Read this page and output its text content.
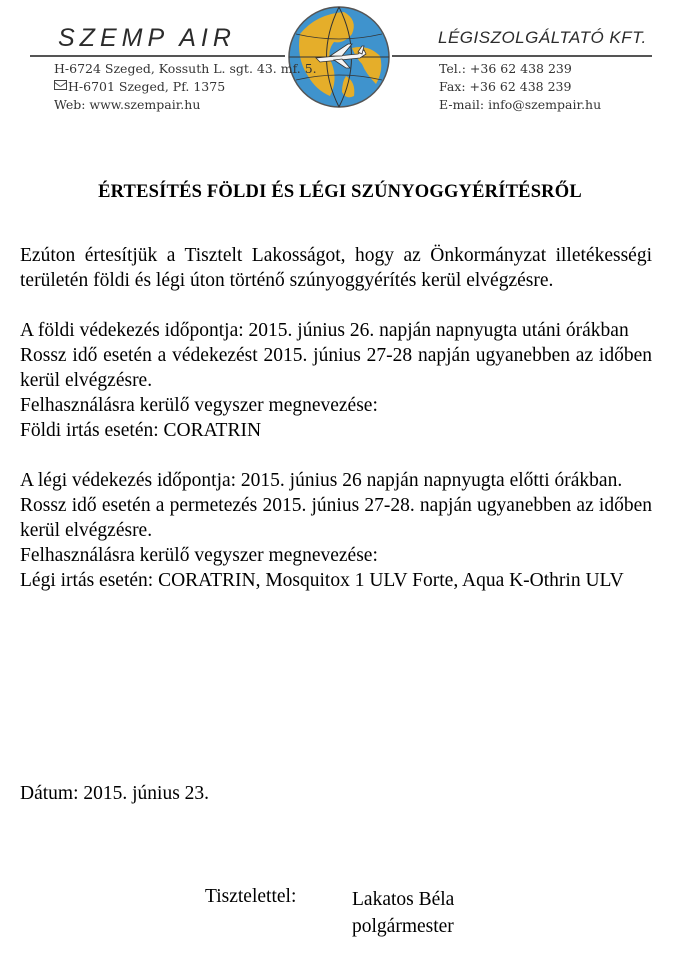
SZEMP AIR	LÉGISZOLGÁLTATÓ KFT.
H-6724 Szeged, Kossuth L. sgt. 43. mf. 5.
H-6701 Szeged, Pf. 1375
Web: www.szempair.hu
Tel.: +36 62 438 239
Fax: +36 62 438 239
E-mail: info@szempair.hu
ÉRTESÍTÉS FÖLDI ÉS LÉGI SZÚNYOGGYÉRÍTÉSRŐL

Ezúton értesítjük a Tisztelt Lakosságot, hogy az Önkormányzat illetékességi területén földi és légi úton történő szúnyoggyérítés kerül elvégzésre.

A földi védekezés időpontja: 2015. június 26. napján napnyugta utáni órákban

Rossz idő esetén a védekezést 2015. június 27-28 napján ugyanebben az időben kerül elvégzésre.

Felhasználásra kerülő vegyszer megnevezése:

Földi irtás esetén: CORATRIN

A légi védekezés időpontja: 2015. június 26 napján napnyugta előtti órákban.

Rossz idő esetén a permetezés 2015. június 27-28. napján ugyanebben az időben kerül elvégzésre.

Felhasználásra kerülő vegyszer megnevezése:

Légi irtás esetén: CORATRIN, Mosquitox 1 ULV Forte, Aqua K-Othrin ULV

Dátum: 2015. június 23.
Tisztelettel:	Lakatos Béla
polgármester
